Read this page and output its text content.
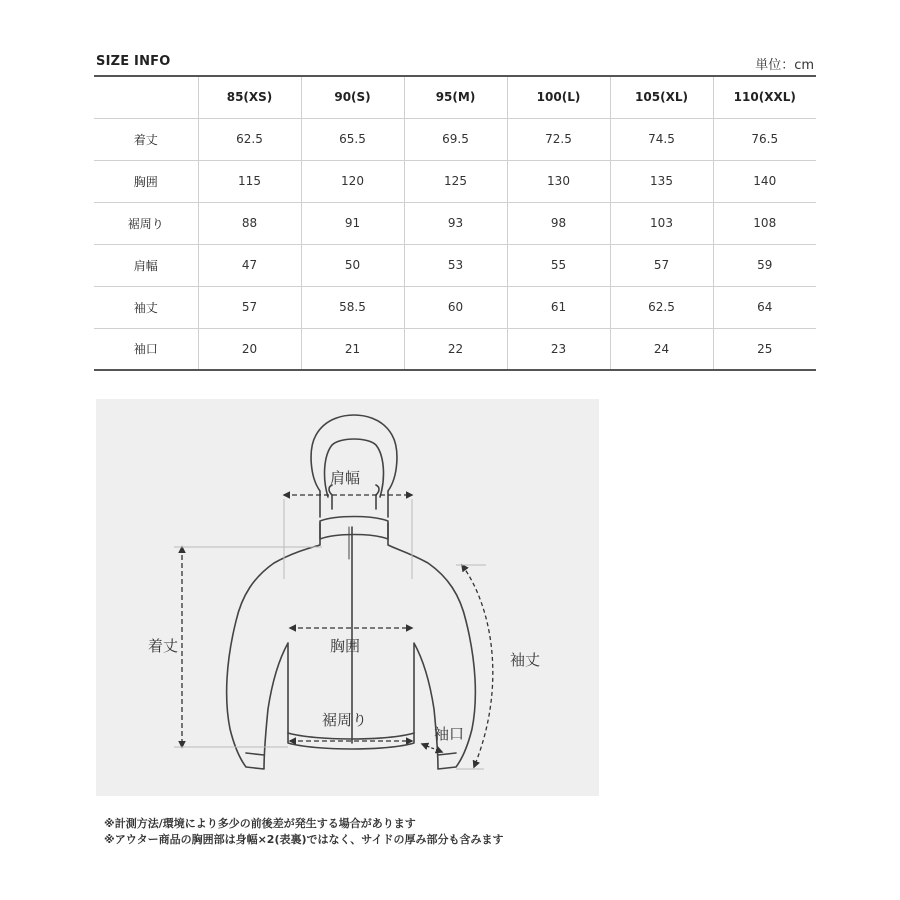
SIZE INFO	単位：cm
	85(XS)	90(S)	95(M)	100(L)	105(XL)	110(XXL)
着丈	62.5	65.5	69.5	72.5	74.5	76.5
胸囲	115	120	125	130	135	140
裾周り	88	91	93	98	103	108
肩幅	47	50	53	55	57	59
袖丈	57	58.5	60	61	62.5	64
袖口	20	21	22	23	24	25
肩幅
着丈	胸囲
袖丈
裾周り
袖口
※計測方法/環境により多少の前後差が発生する場合があります
※アウター商品の胸囲部は身幅×2(表裏)ではなく、サイドの厚み部分も含みます
